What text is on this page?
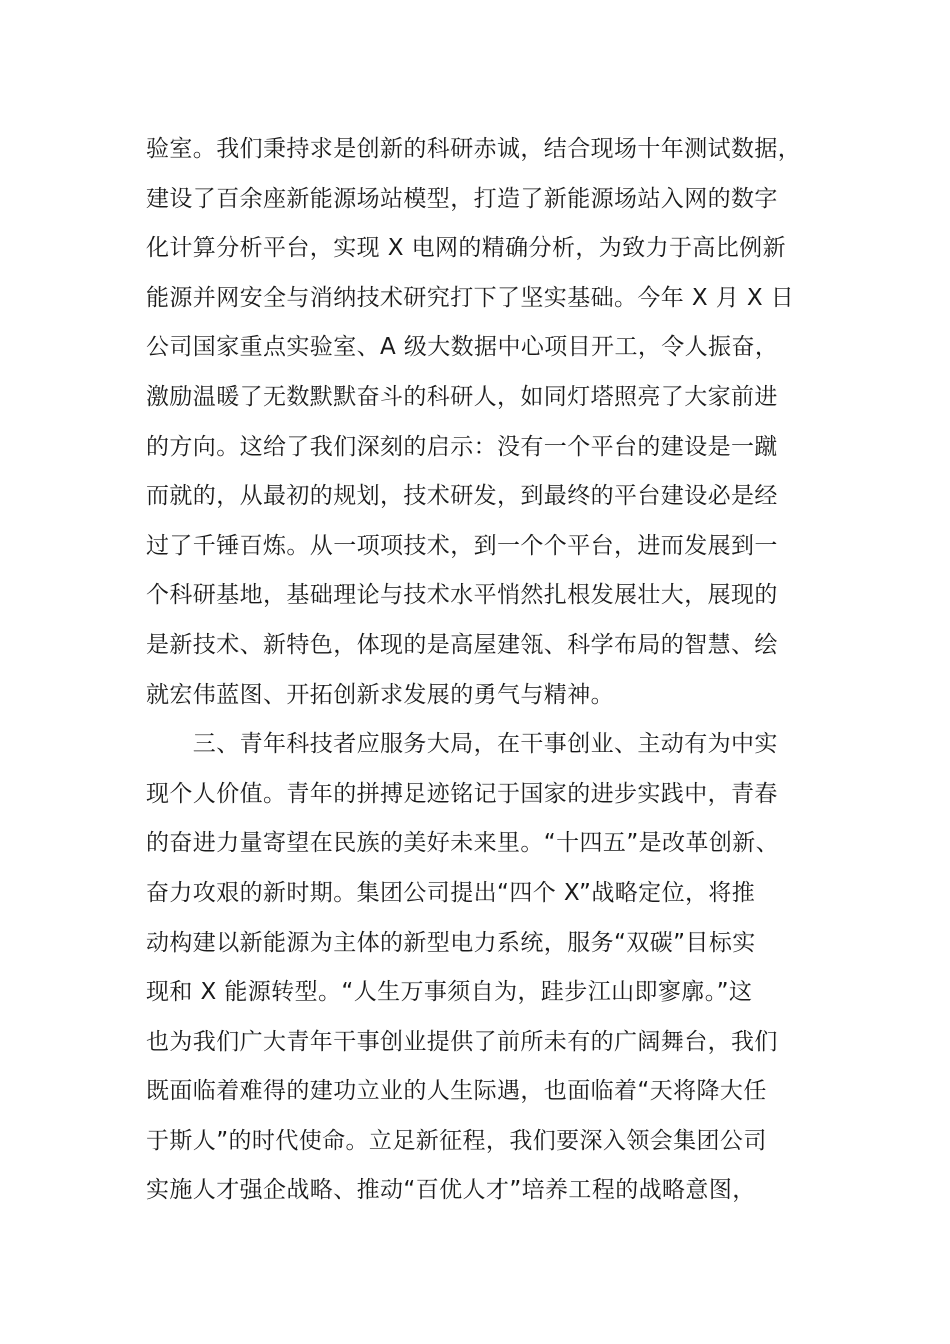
验室。我们秉持求是创新的科研赤诚，结合现场十年测试数据，
建设了百余座新能源场站模型，打造了新能源场站入网的数字
化计算分析平台，实现 X 电网的精确分析，为致力于高比例新
能源并网安全与消纳技术研究打下了坚实基础。今年 X 月 X 日
公司国家重点实验室、A 级大数据中心项目开工，令人振奋，
激励温暖了无数默默奋斗的科研人，如同灯塔照亮了大家前进
的方向。这给了我们深刻的启示：没有一个平台的建设是一蹴
而就的，从最初的规划，技术研发，到最终的平台建设必是经
过了千锤百炼。从一项项技术，到一个个平台，进而发展到一
个科研基地，基础理论与技术水平悄然扎根发展壮大，展现的
是新技术、新特色，体现的是高屋建瓴、科学布局的智慧、绘
就宏伟蓝图、开拓创新求发展的勇气与精神。
　　三、青年科技者应服务大局，在干事创业、主动有为中实
现个人价值。青年的拼搏足迹铭记于国家的进步实践中，青春
的奋进力量寄望在民族的美好未来里。“十四五”是改革创新、
奋力攻艰的新时期。集团公司提出“四个 X”战略定位，将推
动构建以新能源为主体的新型电力系统，服务“双碳”目标实
现和 X 能源转型。“人生万事须自为，跬步江山即寥廓。”这
也为我们广大青年干事创业提供了前所未有的广阔舞台，我们
既面临着难得的建功立业的人生际遇，也面临着“天将降大任
于斯人”的时代使命。立足新征程，我们要深入领会集团公司
实施人才强企战略、推动“百优人才”培养工程的战略意图，
